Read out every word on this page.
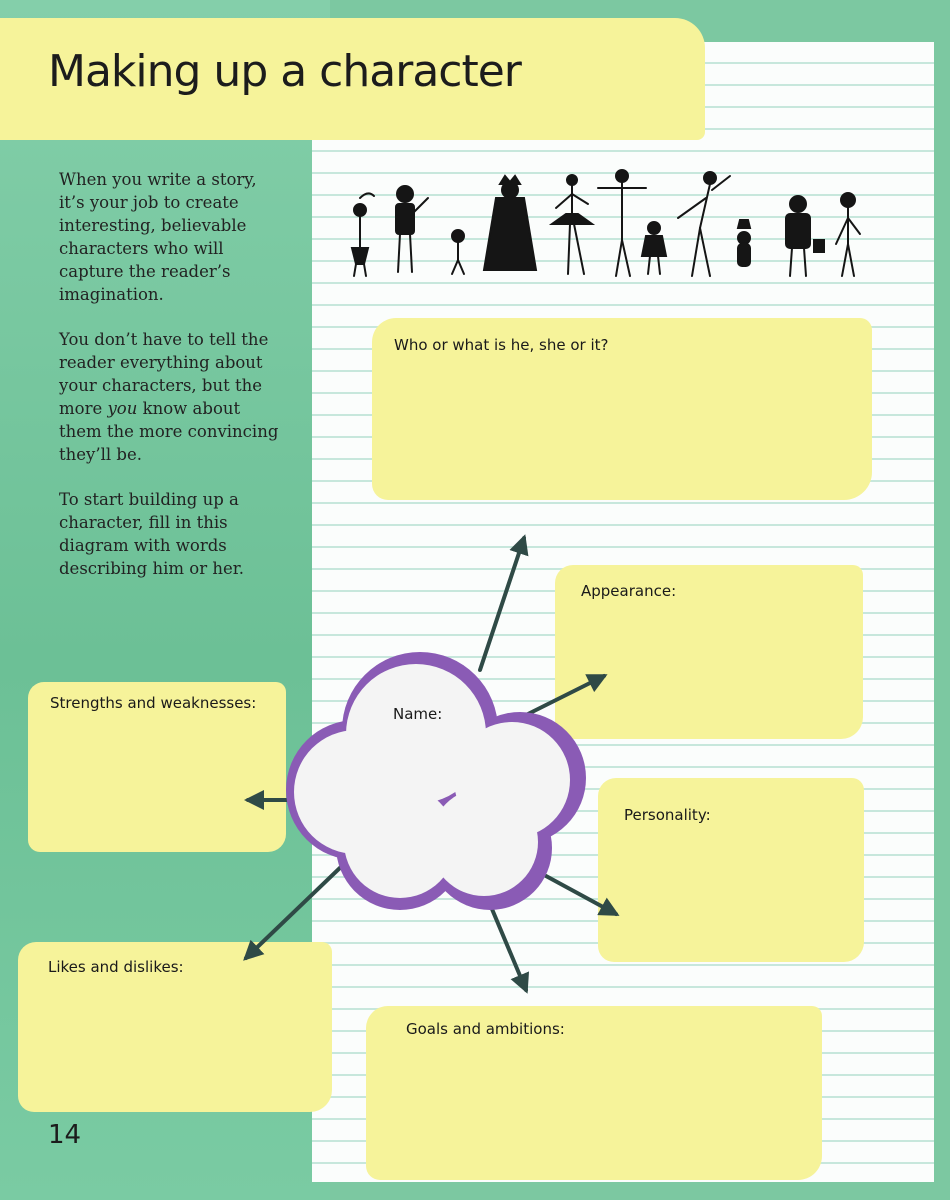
Making up a character

When you write a story, it’s your job to create interesting, believable characters who will capture the reader’s imagination.

You don’t have to tell the reader everything about your characters, but the more you know about them the more convincing they’ll be.

To start building up a character, fill in this diagram with words describing him or her.

Name:
Who or what is he, she or it?
Appearance:
Personality:
Strengths and weaknesses:
Likes and dislikes:
Goals and ambitions:
14
